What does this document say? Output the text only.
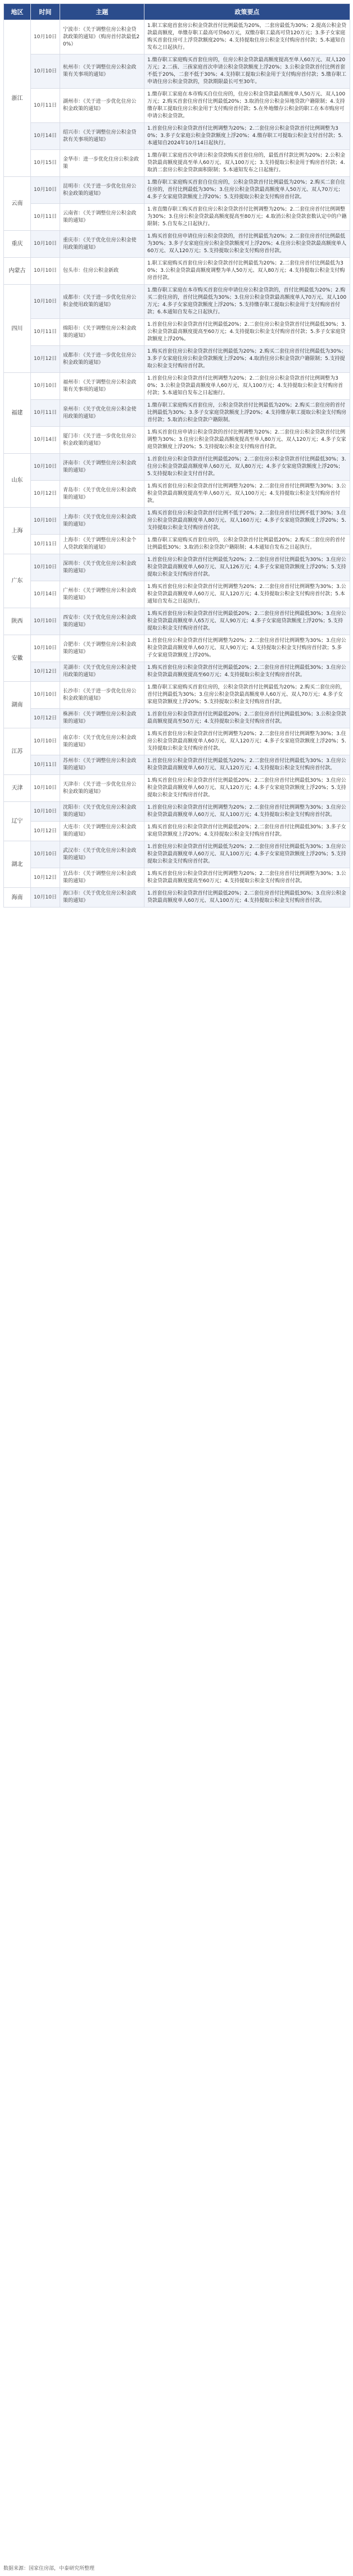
地区	时间	主题	政策要点
浙江	10月10日	宁波市：《关于调整住房公积金贷款政策的通知》（购房首付款最低20%）	1.职工家庭首套房公积金贷款首付比例最低为20%，二套房最低为30%；2.提高公积金贷款最高额度，单缴存职工最高可贷60万元，双缴存职工最高可贷120万元；3.多子女家庭购买首套住房可上浮贷款额度20%；4.支持提取住房公积金支付购房首付款；5.本通知自发布之日起执行。
	10月10日	杭州市：《关于调整住房公积金政策有关事项的通知》	1.缴存职工家庭购买首套住房的，住房公积金贷款最高额度提高至单人60万元、双人120万元；2.二孩、三孩家庭首次申请公积金贷款额度上浮20%；3.公积金贷款首付比例首套不低于20%，二套不低于30%；4.支持职工提取公积金用于支付购房首付款；5.缴存职工申请住房公积金贷款的，贷款期限最长可至30年。
	10月11日	湖州市：《关于进一步优化住房公积金政策的通知》	1.缴存职工家庭在本市购买自住住房的，住房公积金贷款最高额度单人50万元、双人100万元；2.购买首套住房首付比例最低20%；3.取消住房公积金异地贷款户籍限制；4.支持缴存职工提取住房公积金用于支付购房首付款；5.在外地缴存公积金的职工在本市购房可申请公积金贷款。
	10月14日	绍兴市：《关于调整住房公积金贷款有关事项的通知》	1.首套住房公积金贷款首付比例调整为20%；2.二套住房公积金贷款首付比例调整为30%；3.多子女家庭公积金贷款额度上浮20%；4.缴存职工可提取公积金支付首付款；5.本通知自2024年10月14日起执行。
	10月15日	金华市：进一步优化住房公积金政策	1.缴存职工家庭首次申请公积金贷款购买首套住房的，最低首付款比例为20%；2.公积金贷款最高额度提高至单人60万元、双人100万元；3.支持提取公积金用于购房首付款；4.取消二套房公积金贷款面积限制；5.本通知发布之日起施行。
云南	10月10日	昆明市：《关于进一步优化住房公积金政策的通知》	1.缴存职工家庭购买首套自住住房的，公积金贷款首付比例最低为20%；2.购买二套自住住房的，首付比例最低为30%；3.住房公积金贷款最高额度单人50万元、双人70万元；4.多子女家庭贷款额度上浮20%；5.支持提取公积金支付购房首付款。
	10月11日	云南省：《关于调整住房公积金政策的通知》	1.省直缴存职工购买首套住房公积金贷款首付比例调整为20%；2.二套住房首付比例调整为30%；3.住房公积金贷款最高额度提高至80万元；4.取消公积金贷款套数认定中的户籍限制；5.自发布之日起执行。
重庆	10月10日	重庆市：《关于优化住房公积金使用政策的通知》	1.购买首套住房申请住房公积金贷款的，首付比例最低为20%；2.二套住房首付比例最低为30%；3.多子女家庭住房公积金贷款额度可上浮20%；4.住房公积金贷款最高额度单人60万元、双人120万元；5.支持提取公积金支付购房首付款。
内蒙古	10月10日	包头市：住房公积金新政	1.职工家庭购买首套住房公积金贷款首付比例最低为20%；2.二套住房首付比例最低为30%；3.公积金贷款最高额度调整为单人50万元、双人80万元；4.支持提取公积金支付购房首付款。
四川	10月10日	成都市：《关于进一步优化住房公积金使用政策的通知》	1.缴存职工家庭在本市购买首套住房申请住房公积金贷款的，首付比例最低为20%；2.购买二套住房的，首付比例最低为30%；3.住房公积金贷款最高额度单人70万元、双人100万元；4.多子女家庭贷款额度上浮20%；5.支持缴存职工提取公积金用于支付购房首付款；6.本通知自发布之日起执行。
	10月11日	绵阳市：《关于调整住房公积金政策的通知》	1.首套住房公积金贷款首付比例最低20%；2.二套住房公积金贷款首付比例最低30%；3.公积金贷款最高额度提高至60万元；4.支持提取公积金支付购房首付款；5.多子女家庭贷款额度上浮20%。
	10月12日	成都市：《关于进一步优化住房公积金政策的通知》	1.购买首套住房公积金贷款首付比例最低为20%；2.购买二套住房首付比例最低为30%；3.多子女家庭住房公积金贷款额度上浮20%；4.取消住房公积金贷款户籍限制；5.支持提取公积金支付购房首付款。
福建	10月10日	福州市：《关于调整住房公积金政策有关事项的通知》	1.首套住房公积金贷款首付比例调整为20%；2.二套住房公积金贷款首付比例调整为30%；3.公积金贷款最高额度单人60万元、双人100万元；4.支持提取公积金支付购房首付款；5.本通知自发布之日起施行。
	10月11日	泉州市：《关于优化住房公积金使用政策的通知》	1.缴存职工家庭购买首套住房，公积金贷款首付比例最低为20%；2.购买二套住房的首付比例最低为30%；3.多子女家庭贷款额度上浮20%；4.支持缴存职工提取公积金支付购房首付款；5.取消公积金贷款户籍限制。
	10月14日	厦门市：《关于进一步优化住房公积金政策的通知》	1.购买首套住房申请公积金贷款的首付比例调整为20%；2.二套住房公积金贷款首付比例调整为30%；3.住房公积金贷款最高额度提高至单人80万元、双人120万元；4.多子女家庭贷款额度上浮20%；5.支持提取公积金支付购房首付款。
山东	10月10日	济南市：《关于调整住房公积金政策的通知》	1.首套住房公积金贷款首付比例最低20%；2.二套住房公积金贷款首付比例最低30%；3.住房公积金贷款最高额度单人60万元、双人80万元；4.多子女家庭贷款额度上浮20%；5.支持提取公积金支付首付款。
	10月12日	青岛市：《关于优化住房公积金政策的通知》	1.购买首套住房公积金贷款首付比例调整为20%；2.二套住房首付比例调整为30%；3.公积金贷款最高额度提高至单人60万元、双人100万元；4.支持提取公积金支付购房首付款。
上海	10月10日	上海市：《关于优化住房公积金政策的通知》	1.购买首套住房公积金贷款首付比例不低于20%；2.二套住房首付比例不低于30%；3.住房公积金贷款最高额度单人80万元、双人160万元；4.多子女家庭贷款额度上浮20%；5.支持提取公积金支付购房首付款。
	10月11日	上海市：《关于调整住房公积金个人贷款政策的通知》	1.缴存职工家庭购买首套住房的，公积金贷款首付比例最低20%；2.购买二套住房的首付比例最低30%；3.取消公积金贷款户籍限制；4.本通知自发布之日起执行。
广东	10月10日	深圳市：《关于优化住房公积金政策的通知》	1.首套住房公积金贷款首付比例最低为20%；2.二套住房首付比例最低为30%；3.住房公积金贷款最高额度单人60万元、双人126万元；4.多子女家庭贷款额度上浮20%；5.支持提取公积金支付购房首付款。
	10月14日	广州市：《关于调整住房公积金政策的通知》	1.购买首套住房公积金贷款首付比例调整为20%；2.二套住房首付比例调整为30%；3.公积金贷款最高额度单人60万元、双人120万元；4.支持提取公积金支付购房首付款；5.本通知自发布之日起执行。
陕西	10月10日	西安市：《关于优化住房公积金政策的通知》	1.购买首套住房公积金贷款首付比例最低20%；2.二套住房首付比例最低30%；3.住房公积金贷款最高额度单人65万元、双人90万元；4.多子女家庭贷款额度上浮20%；5.支持提取公积金支付购房首付款。
安徽	10月10日	合肥市：《关于调整住房公积金政策的通知》	1.首套住房公积金贷款首付比例调整为20%；2.二套住房首付比例调整为30%；3.住房公积金贷款最高额度单人60万元、双人90万元；4.支持提取公积金支付购房首付款；5.多子女家庭贷款额度上浮20%。
	10月12日	芜湖市：《关于优化住房公积金使用政策的通知》	1.购买首套住房公积金贷款首付比例最低20%；2.二套住房首付比例最低30%；3.住房公积金贷款最高额度提高至60万元；4.支持提取公积金支付购房首付款。
湖南	10月10日	长沙市：《关于进一步优化住房公积金政策的通知》	1.缴存职工家庭购买首套住房的，公积金贷款首付比例最低为20%；2.购买二套住房的，首付比例最低为30%；3.住房公积金贷款最高额度单人60万元、双人70万元；4.多子女家庭贷款额度上浮20%；5.支持提取公积金支付购房首付款。
	10月12日	株洲市：《关于调整住房公积金政策的通知》	1.首套住房公积金贷款首付比例最低20%；2.二套住房首付比例最低30%；3.公积金贷款最高额度提高至50万元；4.支持提取公积金支付购房首付款。
江苏	10月10日	南京市：《关于优化住房公积金政策的通知》	1.购买首套住房公积金贷款首付比例调整为20%；2.二套住房首付比例调整为30%；3.住房公积金贷款最高额度单人60万元、双人120万元；4.多子女家庭贷款额度上浮20%；5.支持提取公积金支付购房首付款。
	10月11日	苏州市：《关于调整住房公积金政策的通知》	1.首套住房公积金贷款首付比例最低为20%；2.二套住房首付比例最低为30%；3.住房公积金贷款最高额度单人60万元、双人120万元；4.支持提取公积金支付购房首付款。
天津	10月10日	天津市：《关于进一步优化住房公积金政策的通知》	1.购买首套住房公积金贷款首付比例最低20%；2.二套住房首付比例最低30%；3.住房公积金贷款最高额度单人60万元、双人120万元；4.多子女家庭贷款额度上浮20%；5.支持提取公积金支付购房首付款。
辽宁	10月10日	沈阳市：《关于优化住房公积金政策的通知》	1.首套住房公积金贷款首付比例调整为20%；2.二套住房首付比例调整为30%；3.住房公积金贷款最高额度单人60万元、双人100万元；4.支持提取公积金支付购房首付款。
	10月12日	大连市：《关于调整住房公积金政策的通知》	1.购买首套住房公积金贷款首付比例最低20%；2.二套住房首付比例最低30%；3.多子女家庭贷款额度上浮20%；4.支持提取公积金支付购房首付款。
湖北	10月10日	武汉市：《关于优化住房公积金政策的通知》	1.首套住房公积金贷款首付比例最低为20%；2.二套住房首付比例最低为30%；3.住房公积金贷款最高额度单人60万元、双人100万元；4.多子女家庭贷款额度上浮20%；5.支持提取公积金支付购房首付款。
	10月12日	宜昌市：《关于调整住房公积金政策的通知》	1.购买首套住房公积金贷款首付比例调整为20%；2.二套住房首付比例调整为30%；3.公积金贷款最高额度提高至60万元；4.支持提取公积金支付购房首付款。
海南	10月10日	海口市：《关于优化住房公积金政策的通知》	1.首套住房公积金贷款首付比例最低20%；2.二套住房首付比例最低30%；3.住房公积金贷款最高额度单人60万元、双人100万元；4.支持提取公积金支付购房首付款。
数据来源：国家住房部，中泰研究所整理
